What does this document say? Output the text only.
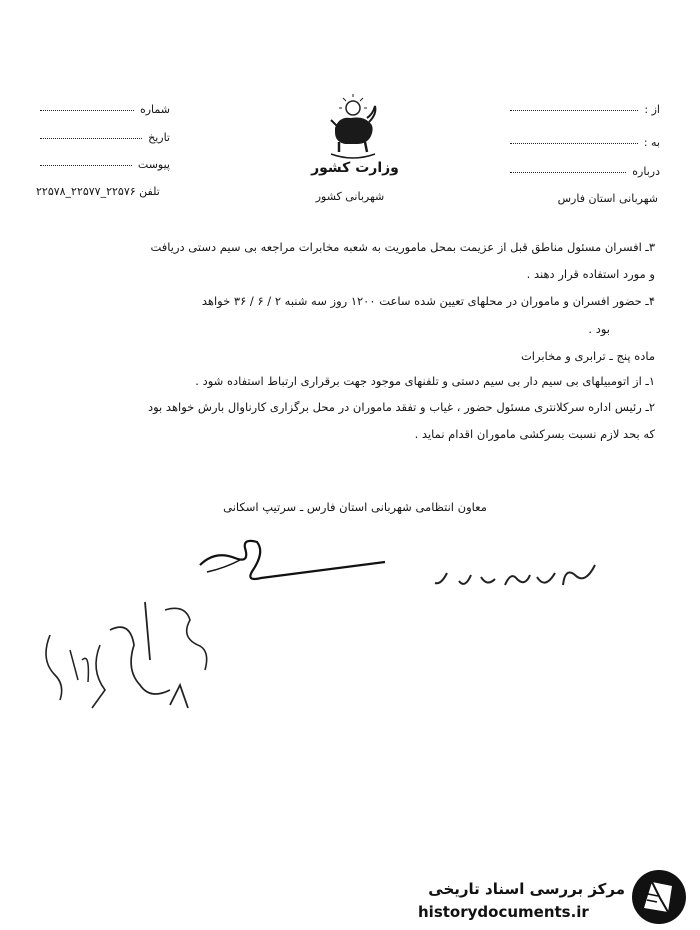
شماره
تاریخ
پیوست
تلفن ۲۲۵۷۶_۲۲۵۷۷_۲۲۵۷۸
وزارت کشور
شهربانی کشور
از :
به :
درباره
شهربانی استان فارس
۳ـ افسران مسئول مناطق قبل از عزیمت بمحل ماموریت به شعبه مخابرات مراجعه بی سیم دستی دریافت
و مورد استفاده قرار دهند .
۴ـ حضور افسران و ماموران در محلهای تعیین شده ساعت ۱۲۰۰ روز سه شنبه ۲ / ۶ / ۳۶ خواهد
بود .
ماده پنج ـ ترابری و مخابرات
۱ـ از اتومبیلهای بی سیم دار بی سیم دستی و تلفنهای موجود جهت برقراری ارتباط استفاده شود .
۲ـ رئیس اداره سرکلانتری مسئول حضور ، غیاب و تفقد ماموران در محل برگزاری کارناوال بارش خواهد بود
که بحد لازم نسبت بسرکشی ماموران اقدام نماید .
معاون انتظامی شهربانی استان فارس ـ سرتیپ اسکانی
مرکز بررسی اسناد تاریخی
historydocuments.ir
